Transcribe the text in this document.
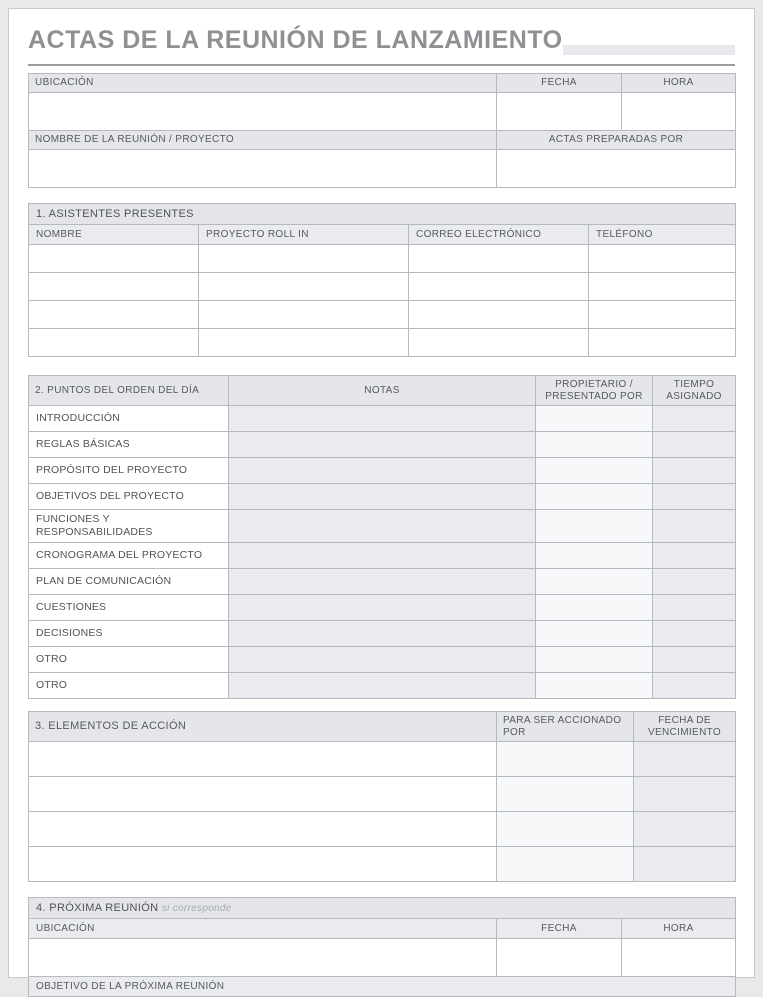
ACTAS DE LA REUNIÓN DE LANZAMIENTO
UBICACIÓN	FECHA	HORA

NOMBRE DE LA REUNIÓN / PROYECTO	ACTAS PREPARADAS POR	

1. ASISTENTES PRESENTES			
NOMBRE	PROYECTO ROLL IN	CORREO ELECTRÓNICO	TELÉFONO

2. PUNTOS DEL ORDEN DEL DÍA	NOTAS	PROPIETARIO / PRESENTADO POR	TIEMPO ASIGNADO
INTRODUCCIÓN			
REGLAS BÁSICAS			
PROPÓSITO DEL PROYECTO			
OBJETIVOS DEL PROYECTO			
FUNCIONES Y RESPONSABILIDADES			
CRONOGRAMA DEL PROYECTO			
PLAN DE COMUNICACIÓN			
CUESTIONES			
DECISIONES			
OTRO			
OTRO			
3. ELEMENTOS DE ACCIÓN	PARA SER ACCIONADO POR	FECHA DE VENCIMIENTO

4. PRÓXIMA REUNIÓN si corresponde		
UBICACIÓN	FECHA	HORA

OBJETIVO DE LA PRÓXIMA REUNIÓN		
